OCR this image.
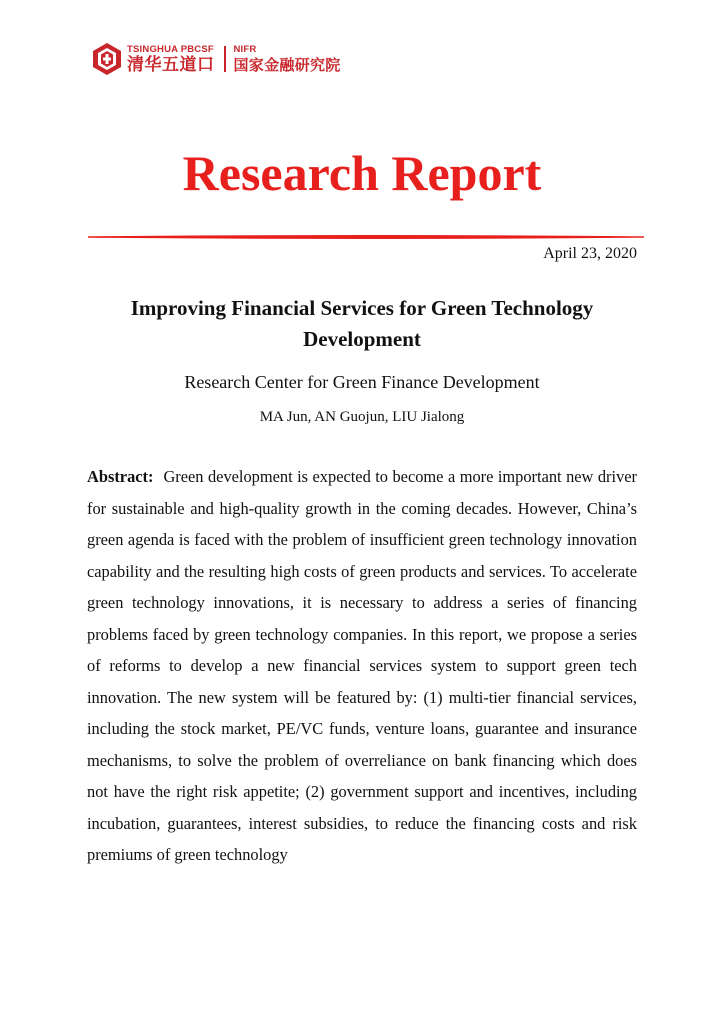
TSINGHUA PBCSF
清华五道口
NIFR
国家金融研究院
Research Report
April 23, 2020
Improving Financial Services for Green Technology Development
Research Center for Green Finance Development
MA Jun, AN Guojun, LIU Jialong
Abstract: Green development is expected to become a more important new driver for sustainable and high-quality growth in the coming decades. However, China’s green agenda is faced with the problem of insufficient green technology innovation capability and the resulting high costs of green products and services. To accelerate green technology innovations, it is necessary to address a series of financing problems faced by green technology companies. In this report, we propose a series of reforms to develop a new financial services system to support green tech innovation. The new system will be featured by: (1) multi-tier financial services, including the stock market, PE/VC funds, venture loans, guarantee and insurance mechanisms, to solve the problem of overreliance on bank financing which does not have the right risk appetite; (2) government support and incentives, including incubation, guarantees, interest subsidies, to reduce the financing costs and risk premiums of green technology
